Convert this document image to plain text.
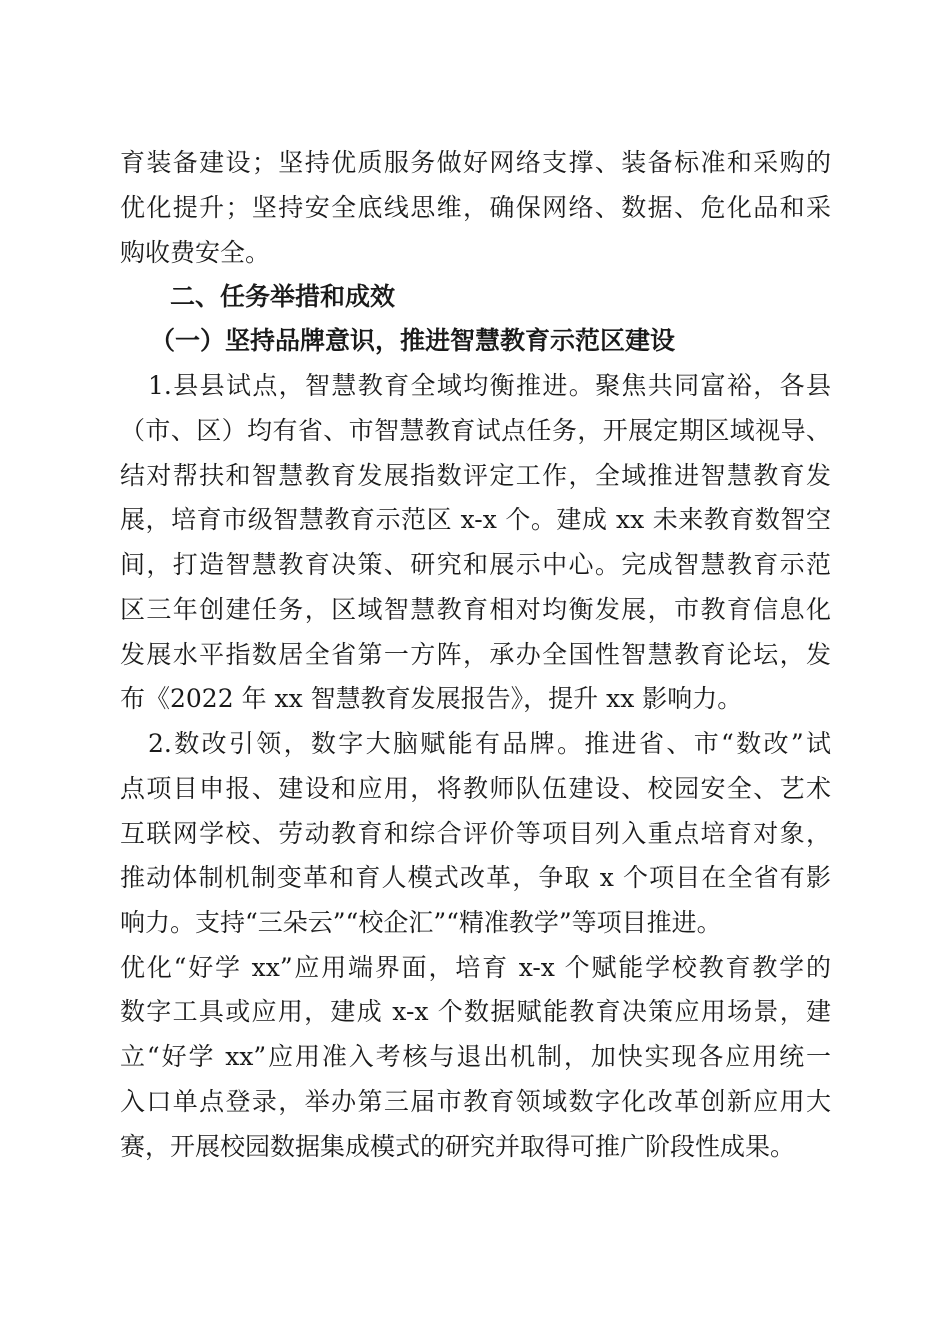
育装备建设；坚持优质服务做好网络支撑、装备标准和采购的
优化提升；坚持安全底线思维，确保网络、数据、危化品和采
购收费安全。
二、任务举措和成效
（一）坚持品牌意识，推进智慧教育示范区建设
1.县县试点，智慧教育全域均衡推进。聚焦共同富裕，各县
（市、区）均有省、市智慧教育试点任务，开展定期区域视导、
结对帮扶和智慧教育发展指数评定工作，全域推进智慧教育发
展，培育市级智慧教育示范区 x-x 个。建成 xx 未来教育数智空
间，打造智慧教育决策、研究和展示中心。完成智慧教育示范
区三年创建任务，区域智慧教育相对均衡发展，市教育信息化
发展水平指数居全省第一方阵，承办全国性智慧教育论坛，发
布《2022 年 xx 智慧教育发展报告》，提升 xx 影响力。
2.数改引领，数字大脑赋能有品牌。推进省、市“数改”试
点项目申报、建设和应用，将教师队伍建设、校园安全、艺术
互联网学校、劳动教育和综合评价等项目列入重点培育对象，
推动体制机制变革和育人模式改革，争取 x 个项目在全省有影
响力。支持“三朵云”“校企汇”“精准教学”等项目推进。
优化“好学 xx”应用端界面，培育 x-x 个赋能学校教育教学的
数字工具或应用，建成 x-x 个数据赋能教育决策应用场景，建
立“好学 xx”应用准入考核与退出机制，加快实现各应用统一
入口单点登录，举办第三届市教育领域数字化改革创新应用大
赛，开展校园数据集成模式的研究并取得可推广阶段性成果。
